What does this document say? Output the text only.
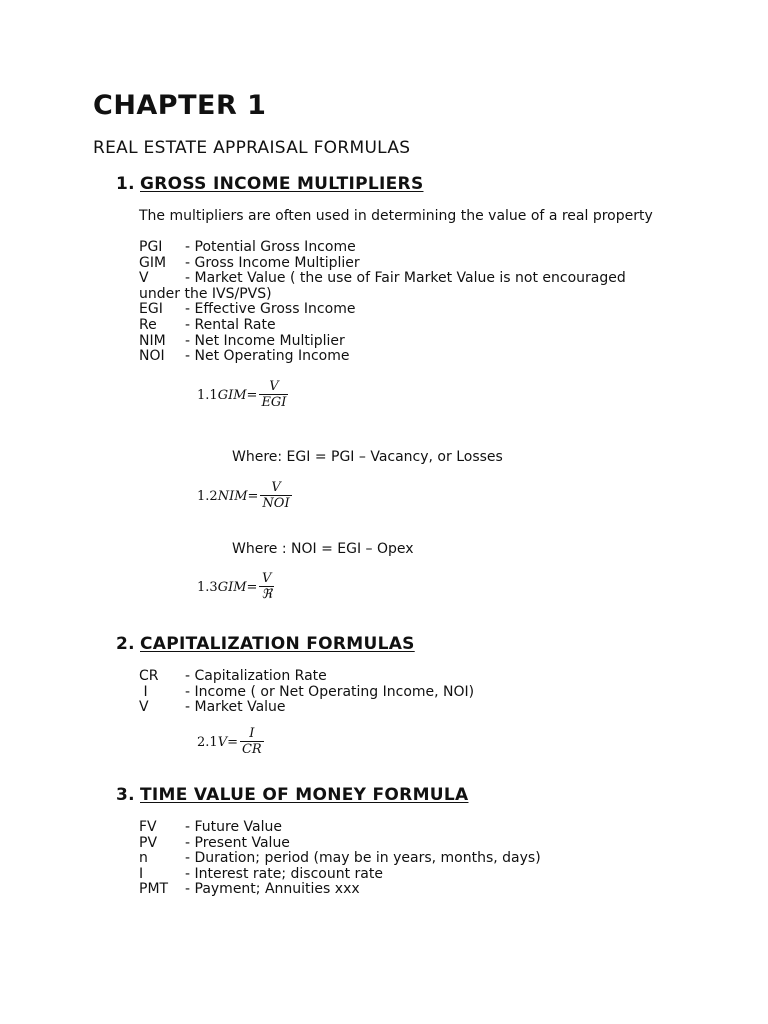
CHAPTER 1
REAL ESTATE APPRAISAL FORMULAS
1. GROSS INCOME MULTIPLIERS
The multipliers are often used in determining the value of a real property
PGI - Potential Gross Income
GIM - Gross Income Multiplier
V	- Market Value ( the use of Fair Market Value is not encouraged
under the IVS/PVS)
EGI - Effective Gross Income
Re - Rental Rate
NIM - Net Income Multiplier
NOI - Net Operating Income
$1.1GIM= \frac{V}{\text{EGI}}$
Where: EGI = PGI – Vacancy, or Losses
$1.2NIM= \frac{V}{\text{NOI}}$
Where : NOI = EGI – Opex
$1.3GIM= \frac{V}{\text{ℜ}}$
2. CAPITALIZATION FORMULAS
CR - Capitalization Rate
I	- Income ( or Net Operating Income, NOI)
V	- Market Value
$2.1V= \frac{I}{CR}$
3. TIME VALUE OF MONEY FORMULA
FV - Future Value
PV - Present Value
n	- Duration; period (may be in years, months, days)
I	- Interest rate; discount rate
PMT - Payment; Annuities xxx
